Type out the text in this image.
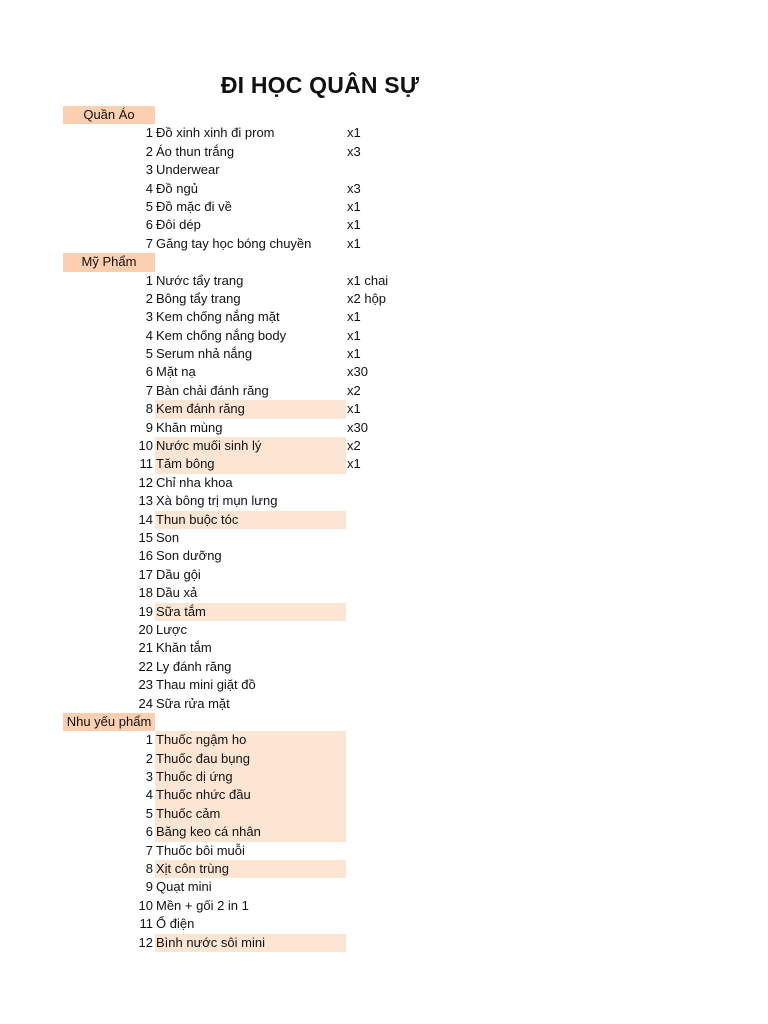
ĐI HỌC QUÂN SỰ
Quần Áo
1 Đồ xinh xinh đi prom	x1
2 Áo thun trắng	x3
3 Underwear
4 Đồ ngủ	x3
5 Đồ mặc đi về	x1
6 Đôi dép	x1
7 Găng tay học bóng chuyền	x1
Mỹ Phẩm
1 Nước tẩy trang	x1 chai
2 Bông tẩy trang	x2 hộp
3 Kem chống nắng mặt	x1
4 Kem chống nắng body	x1
5 Serum nhả nắng	x1
6 Mặt nạ	x30
7 Bàn chải đánh răng	x2
8 Kem đánh răng	x1
9 Khăn mùng	x30
10 Nước muối sinh lý	x2
11 Tăm bông	x1
12 Chỉ nha khoa
13 Xà bông trị mụn lưng
14 Thun buộc tóc
15 Son
16 Son dưỡng
17 Dầu gội
18 Dầu xả
19 Sữa tắm
20 Lược
21 Khăn tắm
22 Ly đánh răng
23 Thau mini giặt đồ
24 Sữa rửa mặt
Nhu yếu phẩm
1 Thuốc ngậm ho
2 Thuốc đau bụng
3 Thuốc dị ứng
4 Thuốc nhức đầu
5 Thuốc cảm
6 Băng keo cá nhân
7 Thuốc bôi muỗi
8 Xịt côn trùng
9 Quạt mini
10 Mền + gối 2 in 1
11 Ổ điện
12 Bình nước sôi mini
